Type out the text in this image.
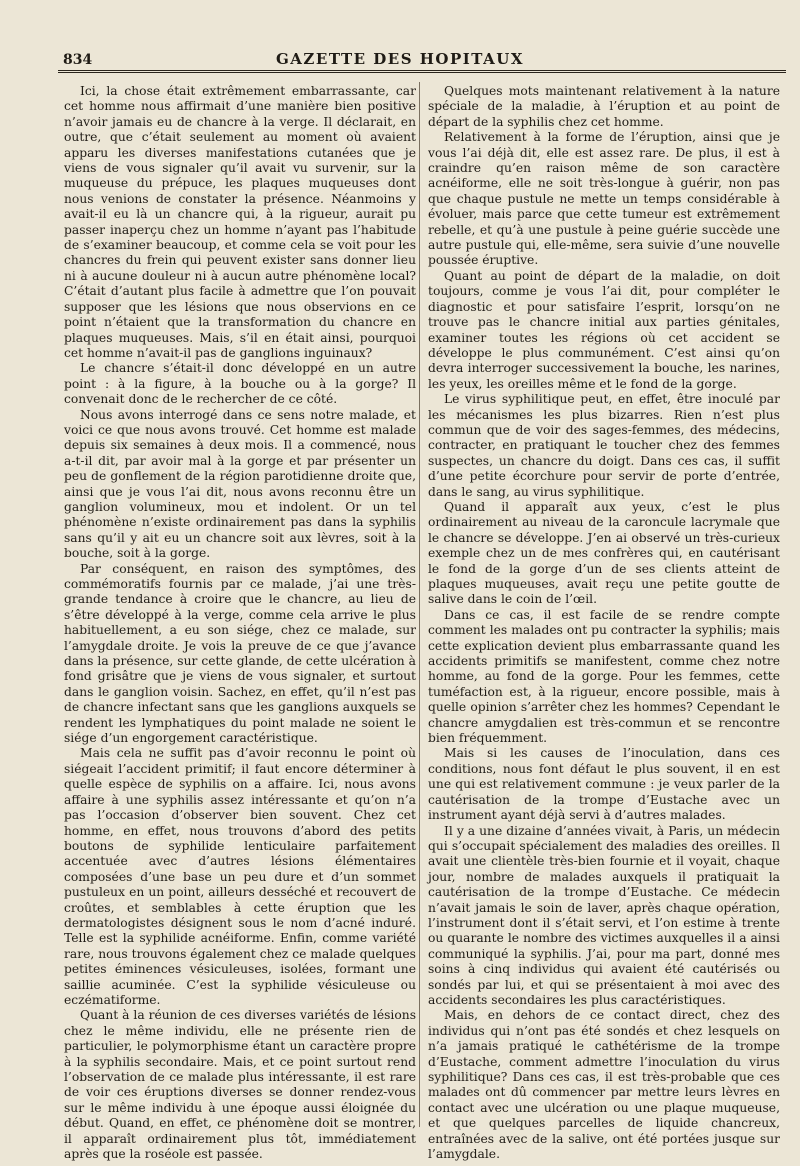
834	GAZETTE DES HOPITAUX

Ici, la chose était extrêmement embarrassante, car cet homme nous affirmait d’une manière bien positive n’avoir jamais eu de chancre à la verge. Il déclarait, en outre, que c’était seulement au moment où avaient apparu les diverses manifestations cutanées que je viens de vous signaler qu’il avait vu survenir, sur la muqueuse du prépuce, les plaques muqueuses dont nous venions de constater la présence. Néanmoins y avait-il eu là un chancre qui, à la rigueur, aurait pu passer inaperçu chez un homme n’ayant pas l’habitude de s’examiner beaucoup, et comme cela se voit pour les chancres du frein qui peuvent exister sans donner lieu ni à aucune douleur ni à aucun autre phénomène local? C’était d’autant plus facile à admettre que l’on pouvait supposer que les lésions que nous observions en ce point n’étaient que la transformation du chancre en plaques muqueuses. Mais, s’il en était ainsi, pourquoi cet homme n’avait-il pas de ganglions inguinaux?

Le chancre s’était-il donc développé en un autre point : à la figure, à la bouche ou à la gorge? Il convenait donc de le rechercher de ce côté.

Nous avons interrogé dans ce sens notre malade, et voici ce que nous avons trouvé. Cet homme est malade depuis six semaines à deux mois. Il a commencé, nous a-t-il dit, par avoir mal à la gorge et par présenter un peu de gonflement de la région parotidienne droite que, ainsi que je vous l’ai dit, nous avons reconnu être un ganglion volumineux, mou et indolent. Or un tel phénomène n’existe ordinairement pas dans la syphilis sans qu’il y ait eu un chancre soit aux lèvres, soit à la bouche, soit à la gorge.

Par conséquent, en raison des symptômes, des commémoratifs fournis par ce malade, j’ai une très-grande tendance à croire que le chancre, au lieu de s’être développé à la verge, comme cela arrive le plus habituellement, a eu son siége, chez ce malade, sur l’amygdale droite. Je vois la preuve de ce que j’avance dans la présence, sur cette glande, de cette ulcération à fond grisâtre que je viens de vous signaler, et surtout dans le ganglion voisin. Sachez, en effet, qu’il n’est pas de chancre infectant sans que les ganglions auxquels se rendent les lymphatiques du point malade ne soient le siége d’un engorgement caractéristique.

Mais cela ne suffit pas d’avoir reconnu le point où siégeait l’accident primitif; il faut encore déterminer à quelle espèce de syphilis on a affaire. Ici, nous avons affaire à une syphilis assez intéressante et qu’on n’a pas l’occasion d’observer bien souvent. Chez cet homme, en effet, nous trouvons d’abord des petits boutons de syphilide lenticulaire parfaitement accentuée avec d’autres lésions élémentaires composées d’une base un peu dure et d’un sommet pustuleux en un point, ailleurs desséché et recouvert de croûtes, et semblables à cette éruption que les dermatologistes désignent sous le nom d’acné induré. Telle est la syphilide acnéiforme. Enfin, comme variété rare, nous trouvons également chez ce malade quelques petites éminences vésiculeuses, isolées, formant une saillie acuminée. C’est la syphilide vésiculeuse ou eczématiforme.

Quant à la réunion de ces diverses variétés de lésions chez le même individu, elle ne présente rien de particulier, le polymorphisme étant un caractère propre à la syphilis secondaire. Mais, et ce point surtout rend l’observation de ce malade plus intéressante, il est rare de voir ces éruptions diverses se donner rendez-vous sur le même individu à une époque aussi éloignée du début. Quand, en effet, ce phénomène doit se montrer, il apparaît ordinairement plus tôt, immédiatement après que la roséole est passée.

Quelques mots maintenant relativement à la nature spéciale de la maladie, à l’éruption et au point de départ de la syphilis chez cet homme.

Relativement à la forme de l’éruption, ainsi que je vous l’ai déjà dit, elle est assez rare. De plus, il est à craindre qu’en raison même de son caractère acnéiforme, elle ne soit très-longue à guérir, non pas que chaque pustule ne mette un temps considérable à évoluer, mais parce que cette tumeur est extrêmement rebelle, et qu’à une pustule à peine guérie succède une autre pustule qui, elle-même, sera suivie d’une nouvelle poussée éruptive.

Quant au point de départ de la maladie, on doit toujours, comme je vous l’ai dit, pour compléter le diagnostic et pour satisfaire l’esprit, lorsqu’on ne trouve pas le chancre initial aux parties génitales, examiner toutes les régions où cet accident se développe le plus communément. C’est ainsi qu’on devra interroger successivement la bouche, les narines, les yeux, les oreilles même et le fond de la gorge.

Le virus syphilitique peut, en effet, être inoculé par les mécanismes les plus bizarres. Rien n’est plus commun que de voir des sages-femmes, des médecins, contracter, en pratiquant le toucher chez des femmes suspectes, un chancre du doigt. Dans ces cas, il suffit d’une petite écorchure pour servir de porte d’entrée, dans le sang, au virus syphilitique.

Quand il apparaît aux yeux, c’est le plus ordinairement au niveau de la caroncule lacrymale que le chancre se développe. J’en ai observé un très-curieux exemple chez un de mes confrères qui, en cautérisant le fond de la gorge d’un de ses clients atteint de plaques muqueuses, avait reçu une petite goutte de salive dans le coin de l’œil.

Dans ce cas, il est facile de se rendre compte comment les malades ont pu contracter la syphilis; mais cette explication devient plus embarrassante quand les accidents primitifs se manifestent, comme chez notre homme, au fond de la gorge. Pour les femmes, cette tuméfaction est, à la rigueur, encore possible, mais à quelle opinion s’arrêter chez les hommes? Cependant le chancre amygdalien est très-commun et se rencontre bien fréquemment.

Mais si les causes de l’inoculation, dans ces conditions, nous font défaut le plus souvent, il en est une qui est relativement commune : je veux parler de la cautérisation de la trompe d’Eustache avec un instrument ayant déjà servi à d’autres malades.

Il y a une dizaine d’années vivait, à Paris, un médecin qui s’occupait spécialement des maladies des oreilles. Il avait une clientèle très-bien fournie et il voyait, chaque jour, nombre de malades auxquels il pratiquait la cautérisation de la trompe d’Eustache. Ce médecin n’avait jamais le soin de laver, après chaque opération, l’instrument dont il s’était servi, et l’on estime à trente ou quarante le nombre des victimes auxquelles il a ainsi communiqué la syphilis. J’ai, pour ma part, donné mes soins à cinq individus qui avaient été cautérisés ou sondés par lui, et qui se présentaient à moi avec des accidents secondaires les plus caractéristiques.

Mais, en dehors de ce contact direct, chez des individus qui n’ont pas été sondés et chez lesquels on n’a jamais pratiqué le cathétérisme de la trompe d’Eustache, comment admettre l’inoculation du virus syphilitique? Dans ces cas, il est très-probable que ces malades ont dû commencer par mettre leurs lèvres en contact avec une ulcération ou une plaque muqueuse, et que quelques parcelles de liquide chancreux, entraînées avec de la salive, ont été portées jusque sur l’amygdale.
